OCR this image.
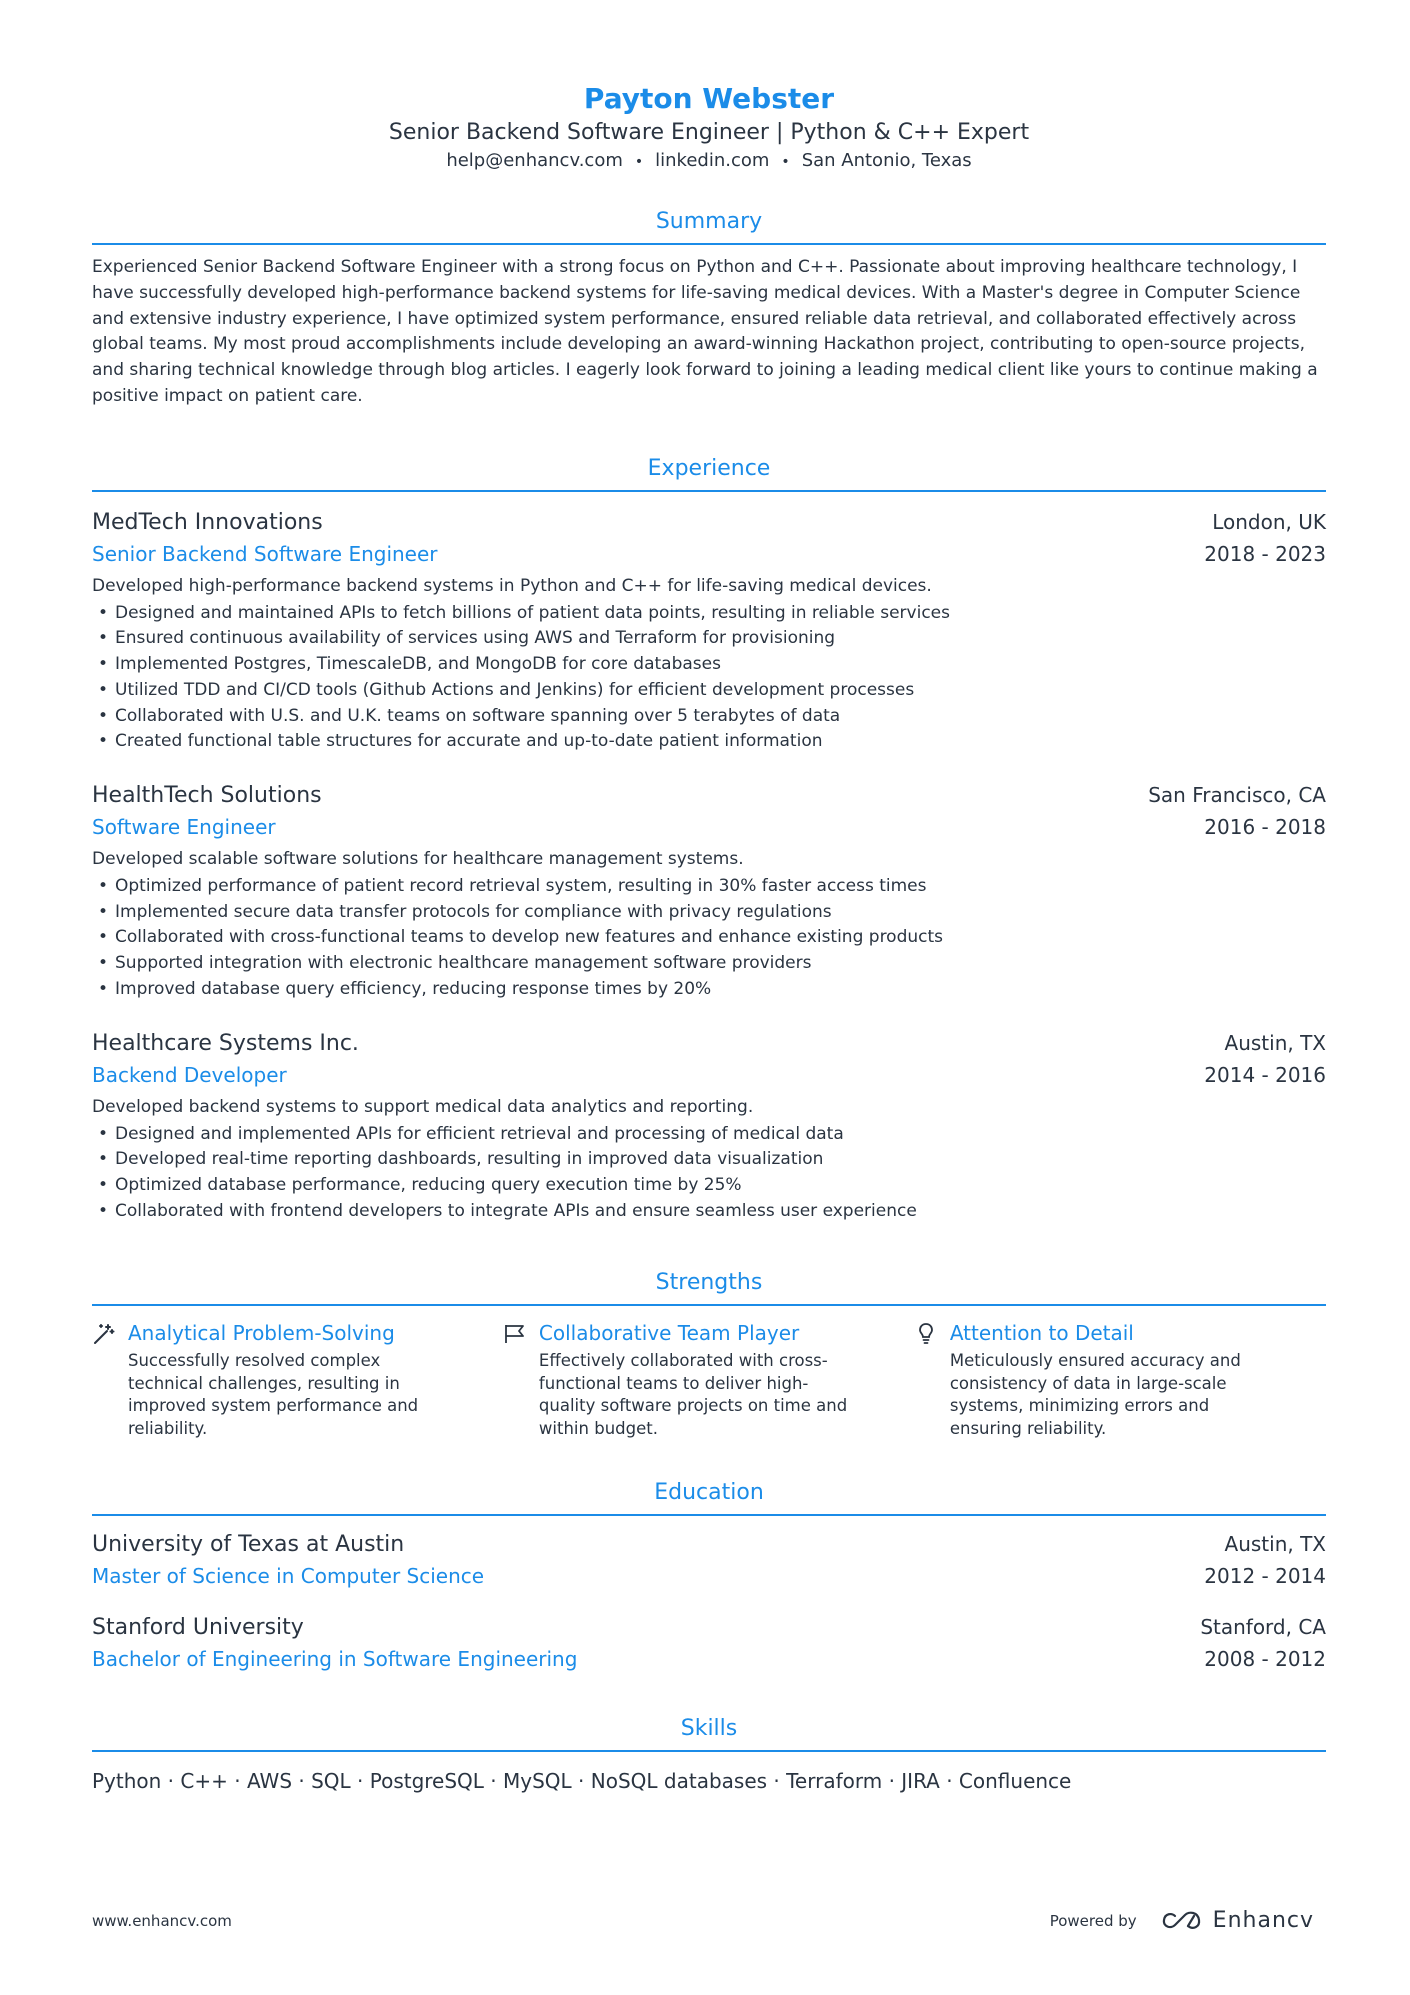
Payton Webster
Senior Backend Software Engineer | Python & C++ Expert
help@enhancv.com • linkedin.com • San Antonio, Texas
Summary
Experienced Senior Backend Software Engineer with a strong focus on Python and C++. Passionate about improving healthcare technology, I have successfully developed high-performance backend systems for life-saving medical devices. With a Master's degree in Computer Science and extensive industry experience, I have optimized system performance, ensured reliable data retrieval, and collaborated effectively across global teams. My most proud accomplishments include developing an award-winning Hackathon project, contributing to open-source projects, and sharing technical knowledge through blog articles. I eagerly look forward to joining a leading medical client like yours to continue making a positive impact on patient care.
Experience
MedTech Innovations	London, UK
Senior Backend Software Engineer	2018 - 2023
Developed high-performance backend systems in Python and C++ for life-saving medical devices.
• Designed and maintained APIs to fetch billions of patient data points, resulting in reliable services
• Ensured continuous availability of services using AWS and Terraform for provisioning
• Implemented Postgres, TimescaleDB, and MongoDB for core databases
• Utilized TDD and CI/CD tools (Github Actions and Jenkins) for efficient development processes
• Collaborated with U.S. and U.K. teams on software spanning over 5 terabytes of data
• Created functional table structures for accurate and up-to-date patient information
HealthTech Solutions	San Francisco, CA
Software Engineer	2016 - 2018
Developed scalable software solutions for healthcare management systems.
• Optimized performance of patient record retrieval system, resulting in 30% faster access times
• Implemented secure data transfer protocols for compliance with privacy regulations
• Collaborated with cross-functional teams to develop new features and enhance existing products
• Supported integration with electronic healthcare management software providers
• Improved database query efficiency, reducing response times by 20%
Healthcare Systems Inc.	Austin, TX
Backend Developer	2014 - 2016
Developed backend systems to support medical data analytics and reporting.
• Designed and implemented APIs for efficient retrieval and processing of medical data
• Developed real-time reporting dashboards, resulting in improved data visualization
• Optimized database performance, reducing query execution time by 25%
• Collaborated with frontend developers to integrate APIs and ensure seamless user experience
Strengths
Analytical Problem-Solving
Successfully resolved complex technical challenges, resulting in improved system performance and reliability.
Collaborative Team Player
Effectively collaborated with cross-functional teams to deliver high-quality software projects on time and within budget.
Attention to Detail
Meticulously ensured accuracy and consistency of data in large-scale systems, minimizing errors and ensuring reliability.
Education
University of Texas at Austin	Austin, TX
Master of Science in Computer Science	2012 - 2014
Stanford University	Stanford, CA
Bachelor of Engineering in Software Engineering	2008 - 2012
Skills
Python · C++ · AWS · SQL · PostgreSQL · MySQL · NoSQL databases · Terraform · JIRA · Confluence
www.enhancv.com	Powered by	Enhancv
